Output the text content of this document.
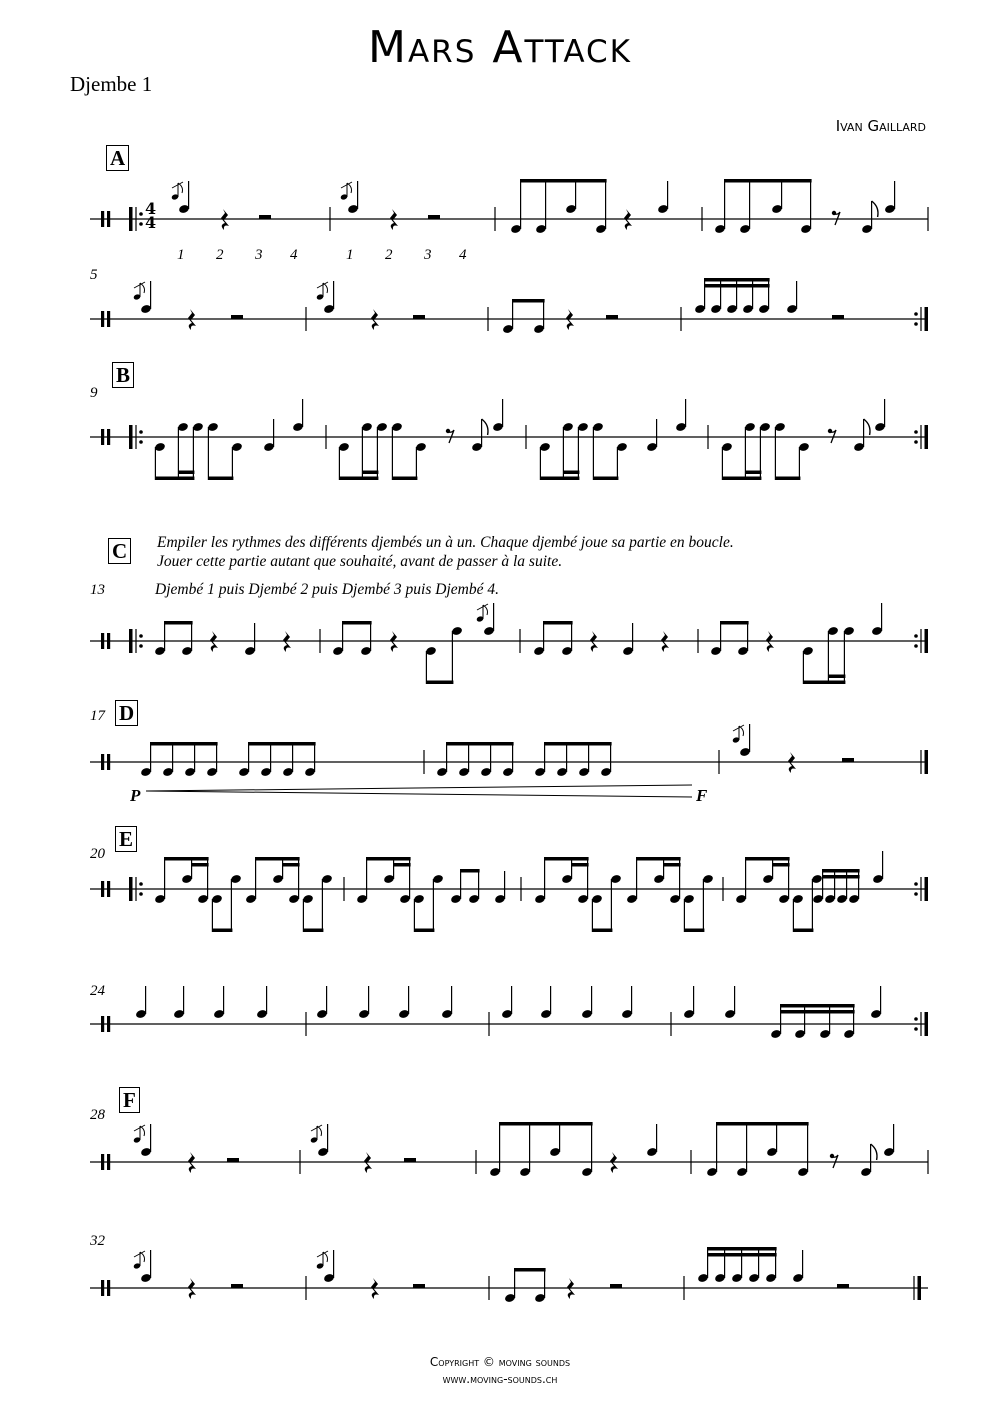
Mars Attack
Djembe 1
Ivan Gaillard
A
B
C
D
E
F
5
9
13
17
20
24
28
32
1 2 3 4	1 2 3 4
Empiler les rythmes des différents djembés un à un. Chaque djembé joue sa partie en boucle.
Jouer cette partie autant que souhaité, avant de passer à la suite.
Djembé 1 puis Djembé 2 puis Djembé 3 puis Djembé 4.
P	F
4
4
Copyright © moving sounds
www.moving-sounds.ch
